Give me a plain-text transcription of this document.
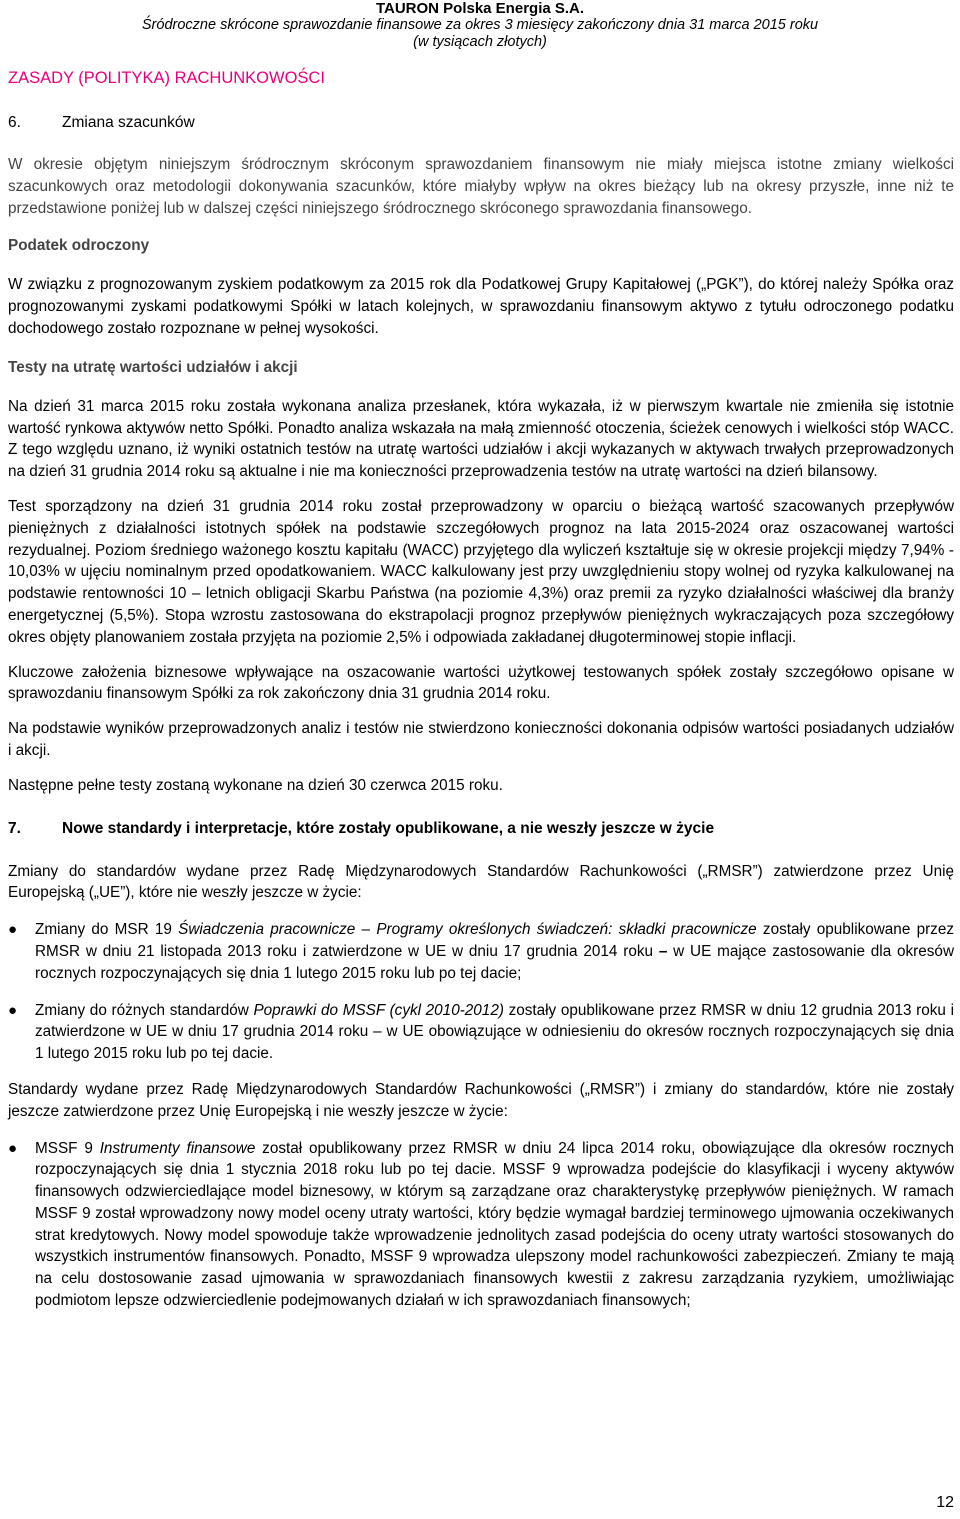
TAURON Polska Energia S.A.
Śródroczne skrócone sprawozdanie finansowe za okres 3 miesięcy zakończony dnia 31 marca 2015 roku
(w tysiącach złotych)
ZASADY (POLITYKA) RACHUNKOWOŚCI
6.	Zmiana szacunków

W okresie objętym niniejszym śródrocznym skróconym sprawozdaniem finansowym nie miały miejsca istotne zmiany wielkości szacunkowych oraz metodologii dokonywania szacunków, które miałyby wpływ na okres bieżący lub na okresy przyszłe, inne niż te przedstawione poniżej lub w dalszej części niniejszego śródrocznego skróconego sprawozdania finansowego.

Podatek odroczony

W związku z prognozowanym zyskiem podatkowym za 2015 rok dla Podatkowej Grupy Kapitałowej („PGK”), do której należy Spółka oraz prognozowanymi zyskami podatkowymi Spółki w latach kolejnych, w sprawozdaniu finansowym aktywo z tytułu odroczonego podatku dochodowego zostało rozpoznane w pełnej wysokości.

Testy na utratę wartości udziałów i akcji

Na dzień 31 marca 2015 roku została wykonana analiza przesłanek, która wykazała, iż w pierwszym kwartale nie zmieniła się istotnie wartość rynkowa aktywów netto Spółki. Ponadto analiza wskazała na małą zmienność otoczenia, ścieżek cenowych i wielkości stóp WACC. Z tego względu uznano, iż wyniki ostatnich testów na utratę wartości udziałów i akcji wykazanych w aktywach trwałych przeprowadzonych na dzień 31 grudnia 2014 roku są aktualne i nie ma konieczności przeprowadzenia testów na utratę wartości na dzień bilansowy.

Test sporządzony na dzień 31 grudnia 2014 roku został przeprowadzony w oparciu o bieżącą wartość szacowanych przepływów pieniężnych z działalności istotnych spółek na podstawie szczegółowych prognoz na lata 2015-2024 oraz oszacowanej wartości rezydualnej. Poziom średniego ważonego kosztu kapitału (WACC) przyjętego dla wyliczeń kształtuje się w okresie projekcji między 7,94% - 10,03% w ujęciu nominalnym przed opodatkowaniem. WACC kalkulowany jest przy uwzględnieniu stopy wolnej od ryzyka kalkulowanej na podstawie rentowności 10 – letnich obligacji Skarbu Państwa (na poziomie 4,3%) oraz premii za ryzyko działalności właściwej dla branży energetycznej (5,5%). Stopa wzrostu zastosowana do ekstrapolacji prognoz przepływów pieniężnych wykraczających poza szczegółowy okres objęty planowaniem została przyjęta na poziomie 2,5% i odpowiada zakładanej długoterminowej stopie inflacji.

Kluczowe założenia biznesowe wpływające na oszacowanie wartości użytkowej testowanych spółek zostały szczegółowo opisane w sprawozdaniu finansowym Spółki za rok zakończony dnia 31 grudnia 2014 roku.

Na podstawie wyników przeprowadzonych analiz i testów nie stwierdzono konieczności dokonania odpisów wartości posiadanych udziałów i akcji.

Następne pełne testy zostaną wykonane na dzień 30 czerwca 2015 roku.

7.	Nowe standardy i interpretacje, które zostały opublikowane, a nie weszły jeszcze w życie

Zmiany do standardów wydane przez Radę Międzynarodowych Standardów Rachunkowości („RMSR”) zatwierdzone przez Unię Europejską („UE”), które nie weszły jeszcze w życie:

● Zmiany do MSR 19 Świadczenia pracownicze – Programy określonych świadczeń: składki pracownicze zostały opublikowane przez RMSR w dniu 21 listopada 2013 roku i zatwierdzone w UE w dniu 17 grudnia 2014 roku – w UE mające zastosowanie dla okresów rocznych rozpoczynających się dnia 1 lutego 2015 roku lub po tej dacie;

● Zmiany do różnych standardów Poprawki do MSSF (cykl 2010-2012) zostały opublikowane przez RMSR w dniu 12 grudnia 2013 roku i zatwierdzone w UE w dniu 17 grudnia 2014 roku – w UE obowiązujące w odniesieniu do okresów rocznych rozpoczynających się dnia 1 lutego 2015 roku lub po tej dacie.

Standardy wydane przez Radę Międzynarodowych Standardów Rachunkowości („RMSR”) i zmiany do standardów, które nie zostały jeszcze zatwierdzone przez Unię Europejską i nie weszły jeszcze w życie:

● MSSF 9 Instrumenty finansowe został opublikowany przez RMSR w dniu 24 lipca 2014 roku, obowiązujące dla okresów rocznych rozpoczynających się dnia 1 stycznia 2018 roku lub po tej dacie. MSSF 9 wprowadza podejście do klasyfikacji i wyceny aktywów finansowych odzwierciedlające model biznesowy, w którym są zarządzane oraz charakterystykę przepływów pieniężnych. W ramach MSSF 9 został wprowadzony nowy model oceny utraty wartości, który będzie wymagał bardziej terminowego ujmowania oczekiwanych strat kredytowych. Nowy model spowoduje także wprowadzenie jednolitych zasad podejścia do oceny utraty wartości stosowanych do wszystkich instrumentów finansowych. Ponadto, MSSF 9 wprowadza ulepszony model rachunkowości zabezpieczeń. Zmiany te mają na celu dostosowanie zasad ujmowania w sprawozdaniach finansowych kwestii z zakresu zarządzania ryzykiem, umożliwiając podmiotom lepsze odzwierciedlenie podejmowanych działań w ich sprawozdaniach finansowych;

12
